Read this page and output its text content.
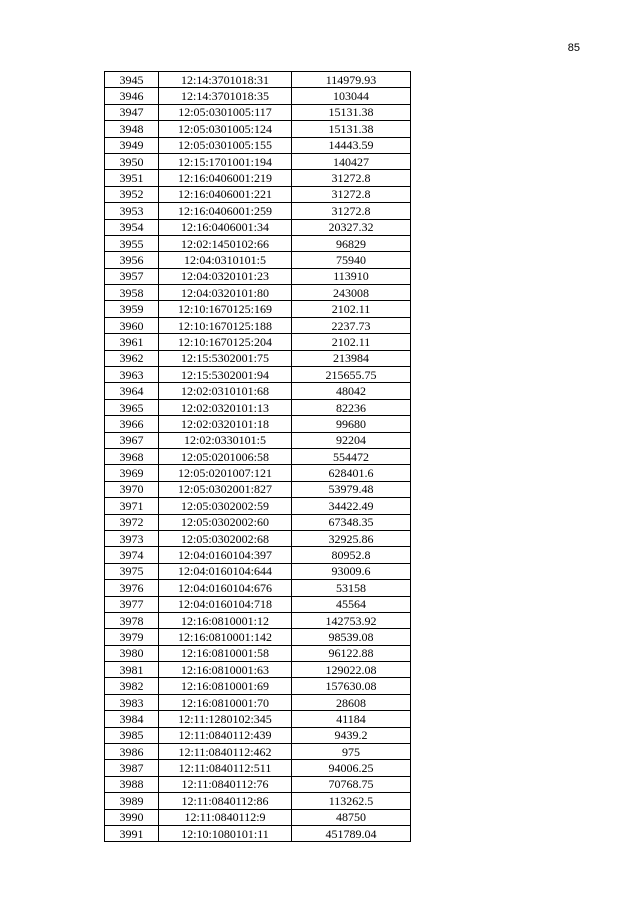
85
3945	12:14:3701018:31	114979.93
3946	12:14:3701018:35	103044
3947	12:05:0301005:117	15131.38
3948	12:05:0301005:124	15131.38
3949	12:05:0301005:155	14443.59
3950	12:15:1701001:194	140427
3951	12:16:0406001:219	31272.8
3952	12:16:0406001:221	31272.8
3953	12:16:0406001:259	31272.8
3954	12:16:0406001:34	20327.32
3955	12:02:1450102:66	96829
3956	12:04:0310101:5	75940
3957	12:04:0320101:23	113910
3958	12:04:0320101:80	243008
3959	12:10:1670125:169	2102.11
3960	12:10:1670125:188	2237.73
3961	12:10:1670125:204	2102.11
3962	12:15:5302001:75	213984
3963	12:15:5302001:94	215655.75
3964	12:02:0310101:68	48042
3965	12:02:0320101:13	82236
3966	12:02:0320101:18	99680
3967	12:02:0330101:5	92204
3968	12:05:0201006:58	554472
3969	12:05:0201007:121	628401.6
3970	12:05:0302001:827	53979.48
3971	12:05:0302002:59	34422.49
3972	12:05:0302002:60	67348.35
3973	12:05:0302002:68	32925.86
3974	12:04:0160104:397	80952.8
3975	12:04:0160104:644	93009.6
3976	12:04:0160104:676	53158
3977	12:04:0160104:718	45564
3978	12:16:0810001:12	142753.92
3979	12:16:0810001:142	98539.08
3980	12:16:0810001:58	96122.88
3981	12:16:0810001:63	129022.08
3982	12:16:0810001:69	157630.08
3983	12:16:0810001:70	28608
3984	12:11:1280102:345	41184
3985	12:11:0840112:439	9439.2
3986	12:11:0840112:462	975
3987	12:11:0840112:511	94006.25
3988	12:11:0840112:76	70768.75
3989	12:11:0840112:86	113262.5
3990	12:11:0840112:9	48750
3991	12:10:1080101:11	451789.04
